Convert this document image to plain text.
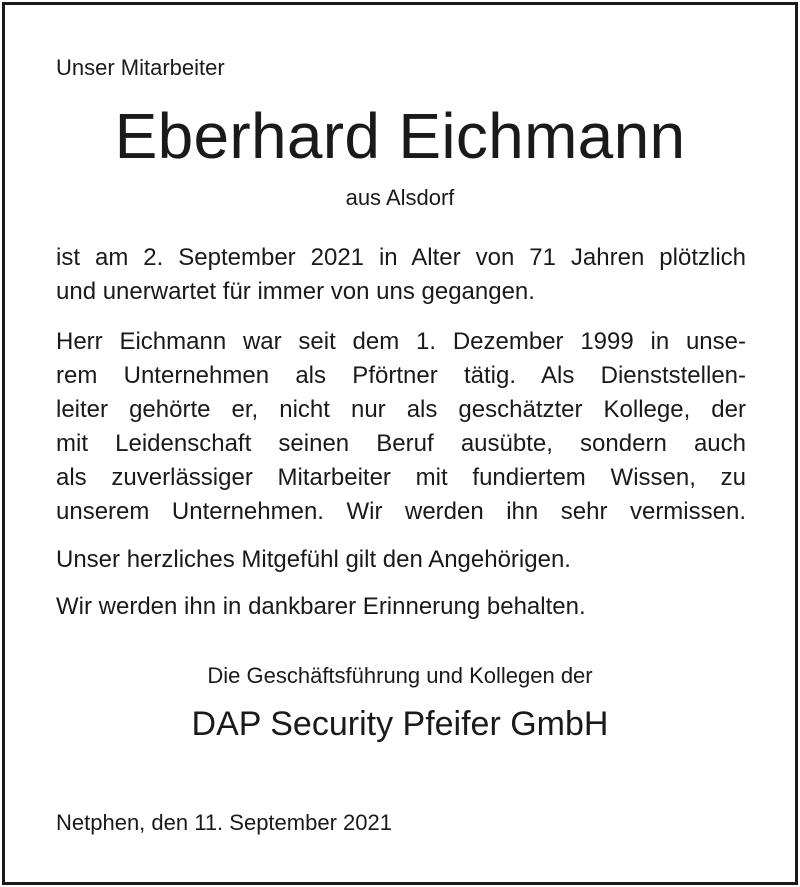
Unser Mitarbeiter
Eberhard Eichmann
aus Alsdorf
ist am 2. September 2021 in Alter von 71 Jahren plötzlich
und unerwartet für immer von uns gegangen.
Herr Eichmann war seit dem 1. Dezember 1999 in unse-
rem Unternehmen als Pförtner tätig. Als Dienststellen-
leiter gehörte er, nicht nur als geschätzter Kollege, der
mit Leidenschaft seinen Beruf ausübte, sondern auch
als zuverlässiger Mitarbeiter mit fundiertem Wissen, zu
unserem Unternehmen. Wir werden ihn sehr vermissen.
Unser herzliches Mitgefühl gilt den Angehörigen.
Wir werden ihn in dankbarer Erinnerung behalten.
Die Geschäftsführung und Kollegen der
DAP Security Pfeifer GmbH
Netphen, den 11. September 2021
